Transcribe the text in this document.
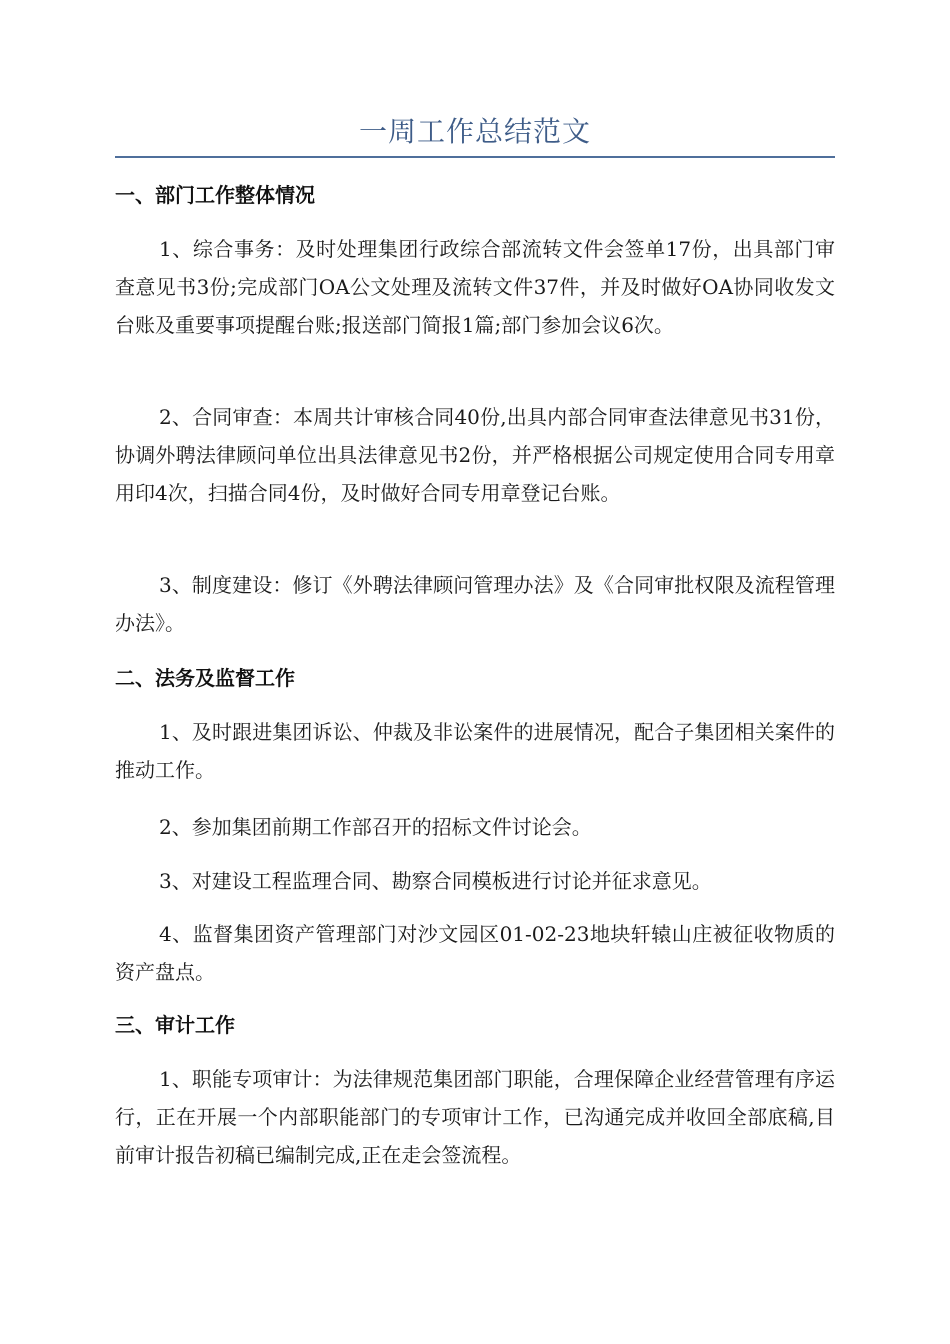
一周工作总结范文
一、部门工作整体情况

1、综合事务：及时处理集团行政综合部流转文件会签单17份，出具部门审查意见书3份;完成部门OA公文处理及流转文件37件，并及时做好OA协同收发文台账及重要事项提醒台账;报送部门简报1篇;部门参加会议6次。

2、合同审查：本周共计审核合同40份,出具内部合同审查法律意见书31份，协调外聘法律顾问单位出具法律意见书2份，并严格根据公司规定使用合同专用章用印4次，扫描合同4份，及时做好合同专用章登记台账。

3、制度建设：修订《外聘法律顾问管理办法》及《合同审批权限及流程管理办法》。

二、法务及监督工作

1、及时跟进集团诉讼、仲裁及非讼案件的进展情况，配合子集团相关案件的推动工作。

2、参加集团前期工作部召开的招标文件讨论会。

3、对建设工程监理合同、勘察合同模板进行讨论并征求意见。

4、监督集团资产管理部门对沙文园区01-02-23地块轩辕山庄被征收物质的资产盘点。

三、审计工作

1、职能专项审计：为法律规范集团部门职能，合理保障企业经营管理有序运行，正在开展一个内部职能部门的专项审计工作，已沟通完成并收回全部底稿,目前审计报告初稿已编制完成,正在走会签流程。
